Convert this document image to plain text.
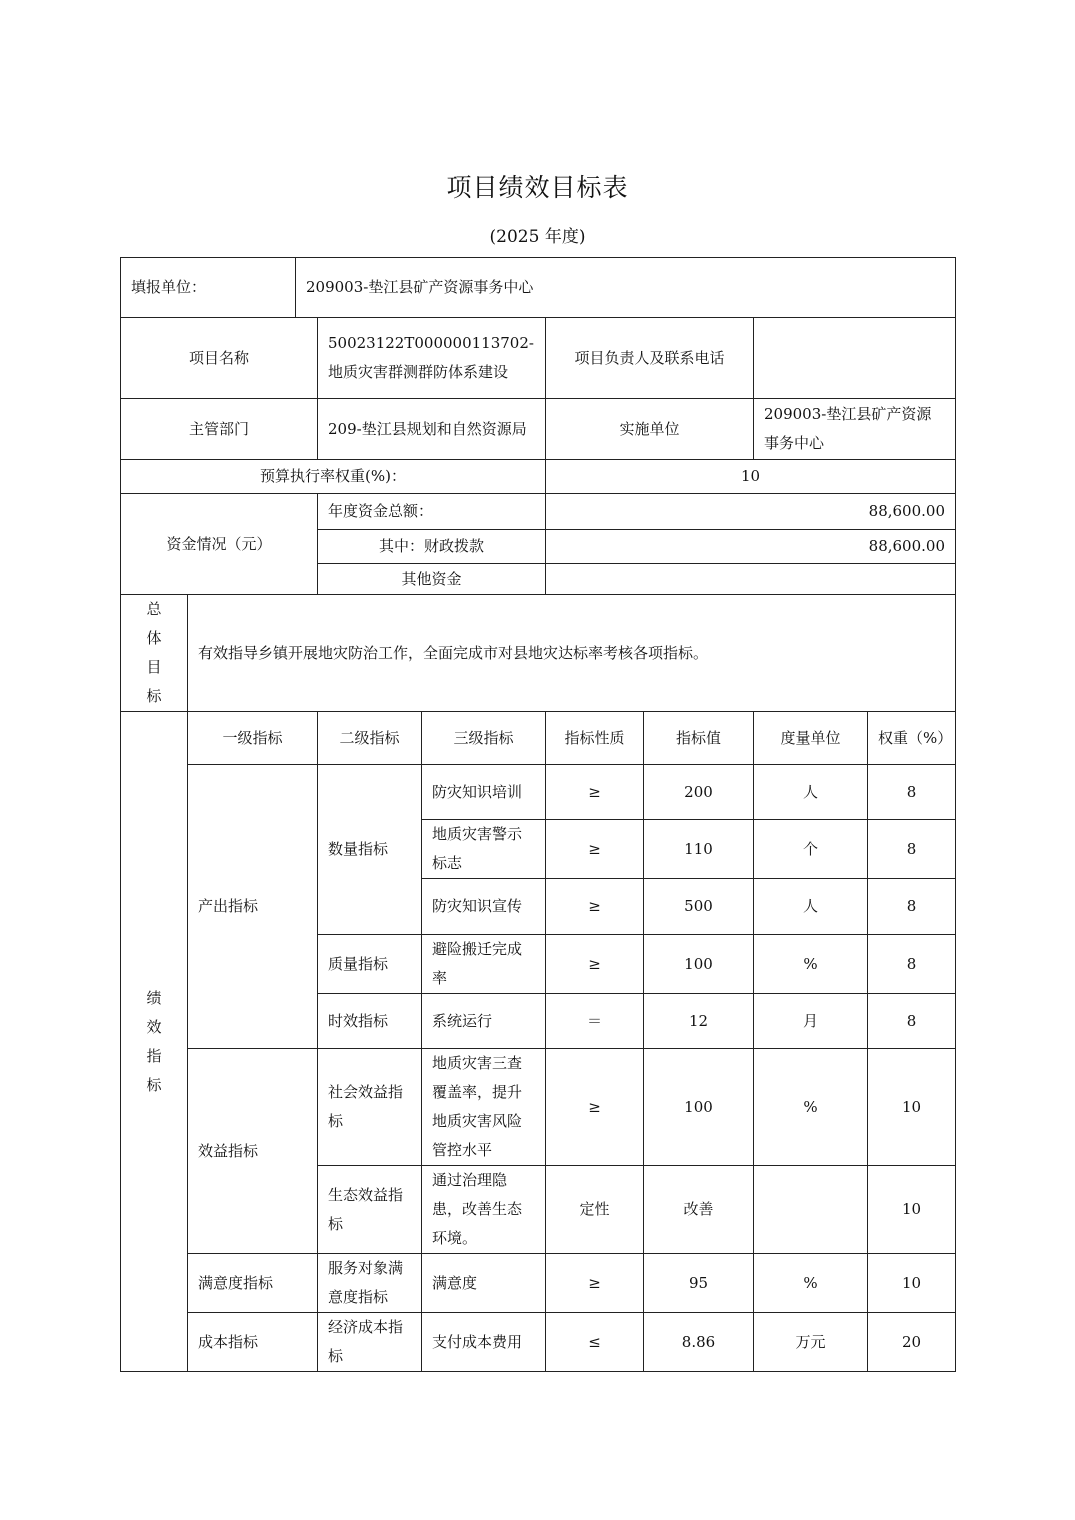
项目绩效目标表
(2025 年度)
填报单位：		209003-垫江县矿产资源事务中心						
项目名称			50023122T000000113702-地质灾害群测群防体系建设		项目负责人及联系电话			
主管部门			209-垫江县规划和自然资源局		实施单位		209003-垫江县矿产资源事务中心	
预算执行率权重(%)：					10			
资金情况（元）			年度资金总额：		88,600.00			
			其中：财政拨款		88,600.00			
			其他资金					

总
体
目
标	有效指导乡镇开展地灾防治工作，全面完成市对县地灾达标率考核各项指标。							

绩
效
指
标	一级指标		二级指标	三级指标	指标性质	指标值	度量单位	权重（%）
	产出指标		数量指标	防灾知识培训	≥	200	人	8
				地质灾害警示标志	≥	110	个	8
				防灾知识宣传	≥	500	人	8
			质量指标	避险搬迁完成率	≥	100	%	8
			时效指标	系统运行	＝	12	月	8
	效益指标		社会效益指标	地质灾害三查覆盖率，提升地质灾害风险管控水平	≥	100	%	10
			生态效益指标	通过治理隐患，改善生态环境。	定性	改善		10
	满意度指标		服务对象满意度指标	满意度	≥	95	%	10
	成本指标		经济成本指标	支付成本费用	≤	8.86	万元	20
